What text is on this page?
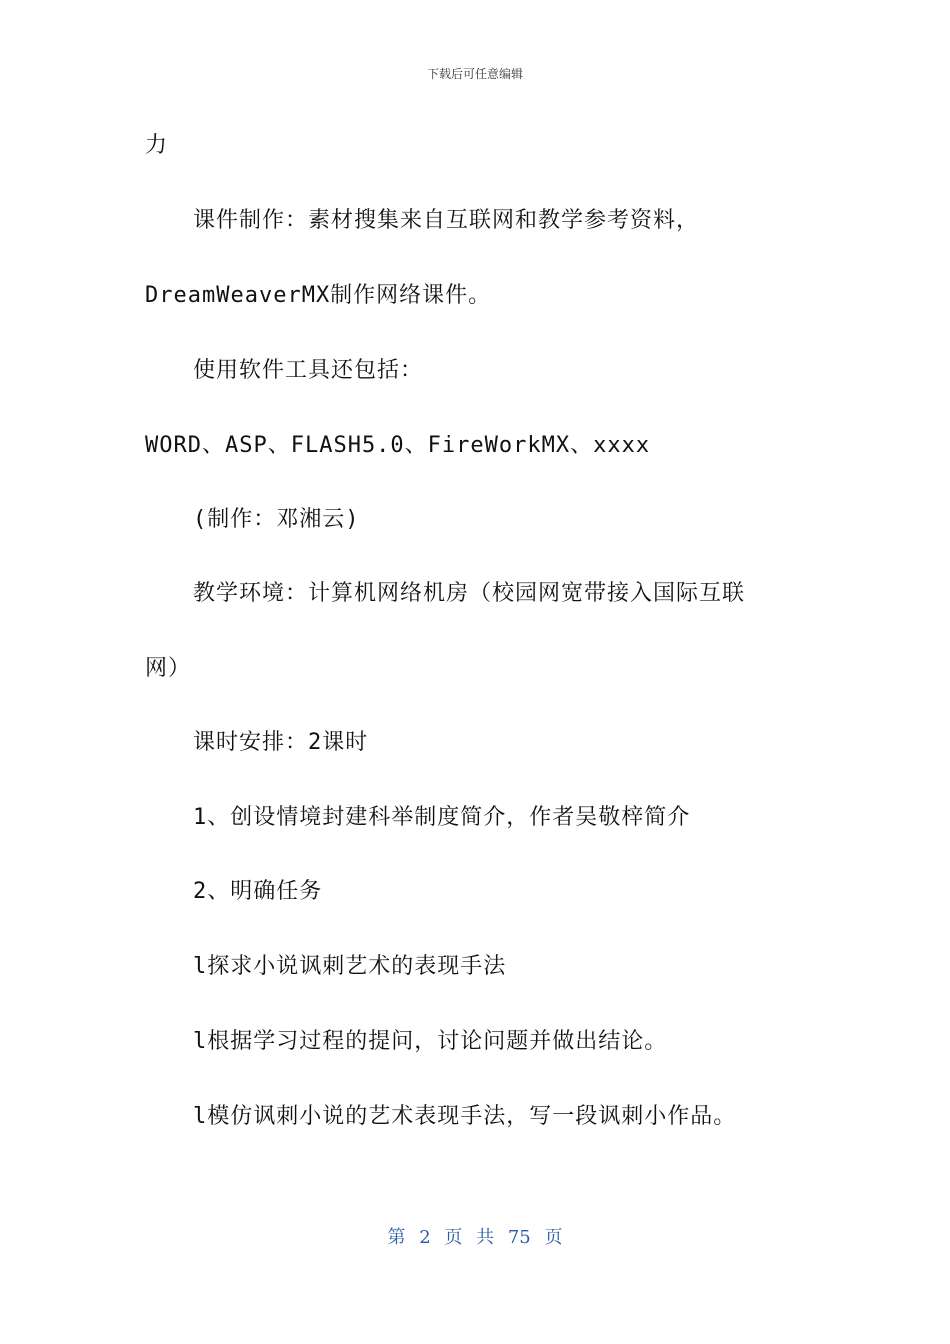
下载后可任意编辑
力
课件制作：素材搜集来自互联网和教学参考资料，
DreamWeaverMX制作网络课件。
使用软件工具还包括：
WORD、ASP、FLASH5.0、FireWorkMX、xxxx
(制作：邓湘云)
教学环境：计算机网络机房（校园网宽带接入国际互联
网）
课时安排：2课时
1、创设情境封建科举制度简介，作者吴敬梓简介
2、明确任务
l探求小说讽刺艺术的表现手法
l根据学习过程的提问，讨论问题并做出结论。
l模仿讽刺小说的艺术表现手法，写一段讽刺小作品。
第 2 页 共 75 页
